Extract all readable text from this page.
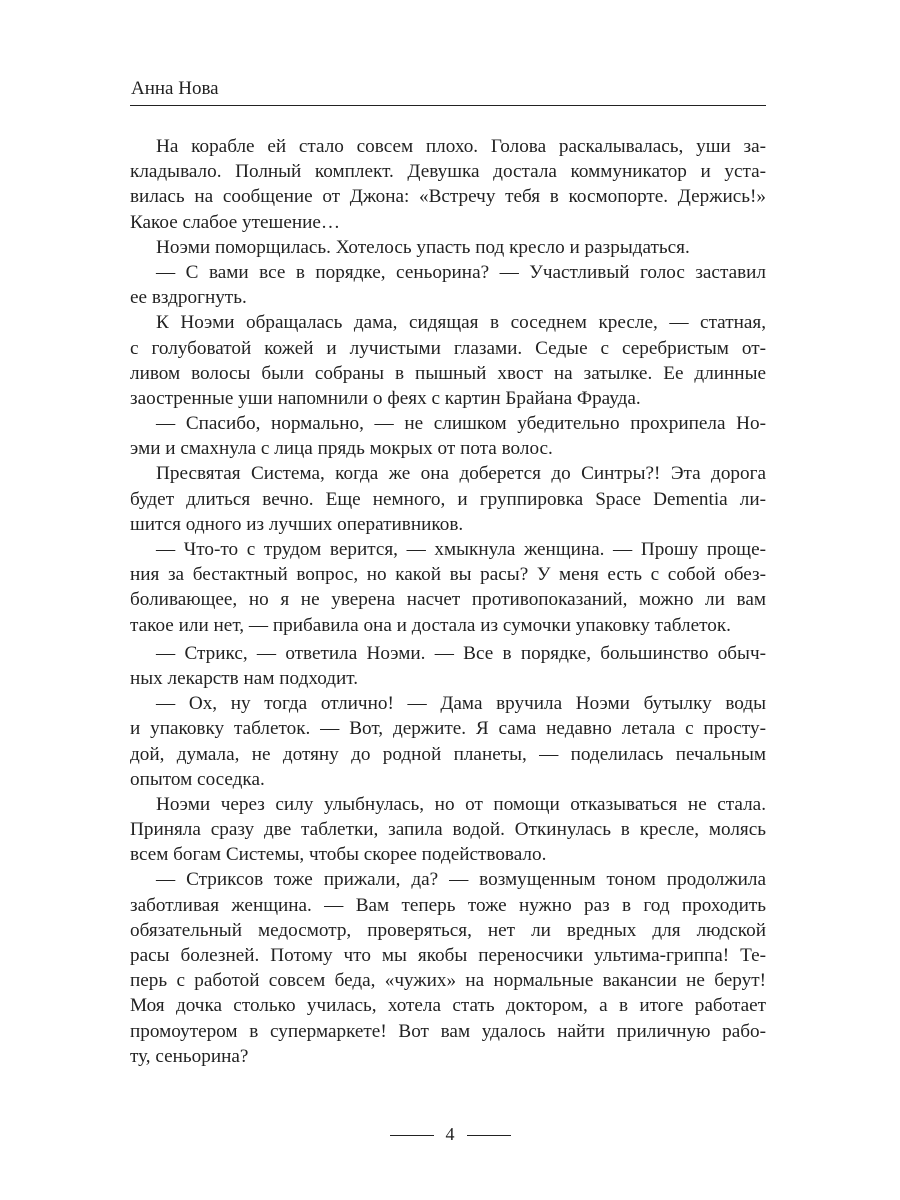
Анна Нова
На корабле ей стало совсем плохо. Голова раскалывалась, уши за-
кладывало. Полный комплект. Девушка достала коммуникатор и уста-
вилась на сообщение от Джона: «Встречу тебя в космопорте. Держись!»
Какое слабое утешение…
Ноэми поморщилась. Хотелось упасть под кресло и разрыдаться.
— С вами все в порядке, сеньорина? — Участливый голос заставил
ее вздрогнуть.
К Ноэми обращалась дама, сидящая в соседнем кресле, — статная,
с голубоватой кожей и лучистыми глазами. Седые с серебристым от-
ливом волосы были собраны в пышный хвост на затылке. Ее длинные
заостренные уши напомнили о феях с картин Брайана Фрауда.
— Спасибо, нормально, — не слишком убедительно прохрипела Но-
эми и смахнула с лица прядь мокрых от пота волос.
Пресвятая Система, когда же она доберется до Синтры?! Эта дорога
будет длиться вечно. Еще немного, и группировка Space Dementia ли-
шится одного из лучших оперативников.
— Что-то с трудом верится, — хмыкнула женщина. — Прошу проще-
ния за бестактный вопрос, но какой вы расы? У меня есть с собой обез-
боливающее, но я не уверена насчет противопоказаний, можно ли вам
такое или нет, — прибавила она и достала из сумочки упаковку таблеток.
— Стрикс, — ответила Ноэми. — Все в порядке, большинство обыч-
ных лекарств нам подходит.
— Ох, ну тогда отлично! — Дама вручила Ноэми бутылку воды
и упаковку таблеток. — Вот, держите. Я сама недавно летала с просту-
дой, думала, не дотяну до родной планеты, — поделилась печальным
опытом соседка.
Ноэми через силу улыбнулась, но от помощи отказываться не стала.
Приняла сразу две таблетки, запила водой. Откинулась в кресле, молясь
всем богам Системы, чтобы скорее подействовало.
— Стриксов тоже прижали, да? — возмущенным тоном продолжила
заботливая женщина. — Вам теперь тоже нужно раз в год проходить
обязательный медосмотр, проверяться, нет ли вредных для людской
расы болезней. Потому что мы якобы переносчики ультима-гриппа! Те-
перь с работой совсем беда, «чужих» на нормальные вакансии не берут!
Моя дочка столько училась, хотела стать доктором, а в итоге работает
промоутером в супермаркете! Вот вам удалось найти приличную рабо-
ту, сеньорина?
4
